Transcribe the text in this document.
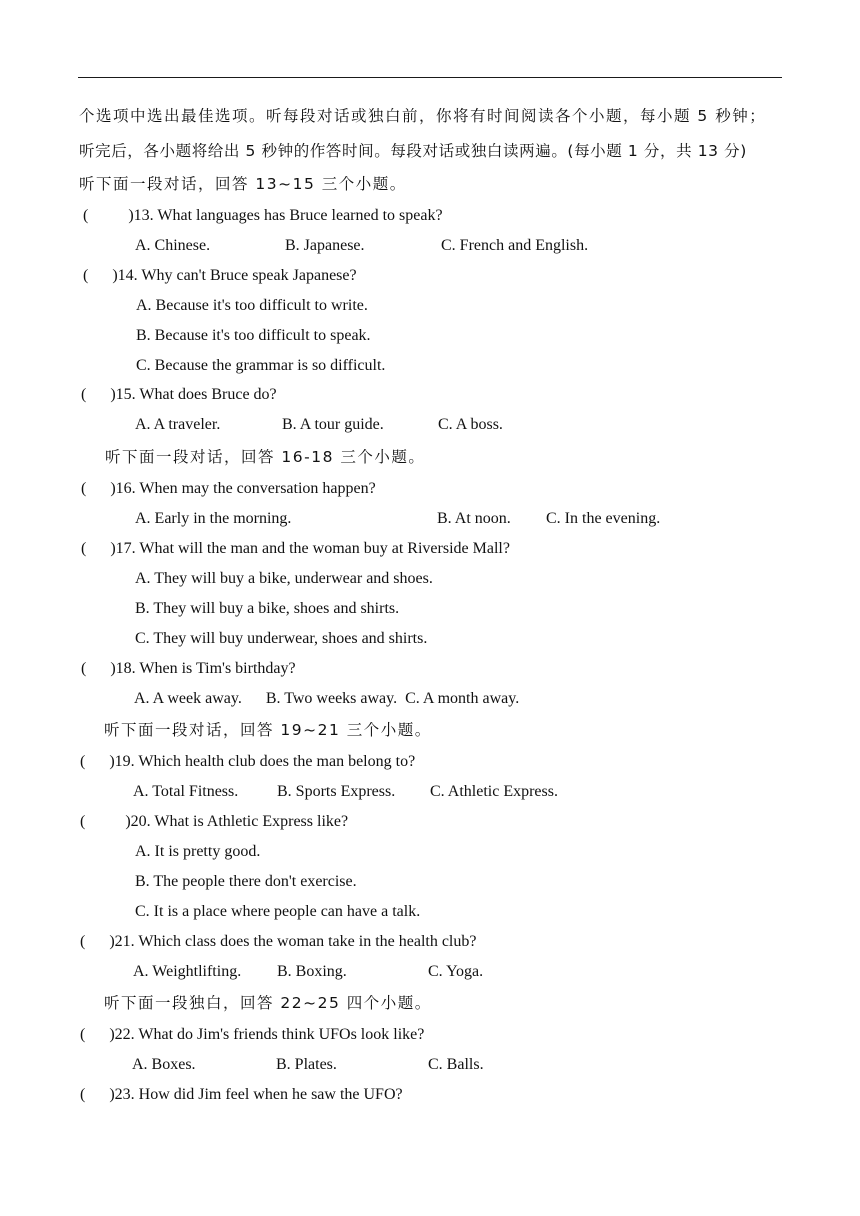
个选项中选出最佳选项。听每段对话或独白前，你将有时间阅读各个小题，每小题 5 秒钟；
听完后，各小题将给出 5 秒钟的作答时间。每段对话或独白读两遍。(每小题 1 分，共 13 分)
听下面一段对话，回答 13~15 三个小题。
(          )13. What languages has Bruce learned to speak?
A. Chinese.	B. Japanese.	C. French and English.
(      )14. Why can't Bruce speak Japanese?
A. Because it's too difficult to write.
B. Because it's too difficult to speak.
C. Because the grammar is so difficult.
(      )15. What does Bruce do?
A. A traveler.	B. A tour guide.	C. A boss.
听下面一段对话，回答 16-18 三个小题。
(      )16. When may the conversation happen?
A. Early in the morning.	B. At noon. C. In the evening.
(      )17. What will the man and the woman buy at Riverside Mall?
A. They will buy a bike, underwear and shoes.
B. They will buy a bike, shoes and shirts.
C. They will buy underwear, shoes and shirts.
(      )18. When is Tim's birthday?
A. A week away.      B. Two weeks away.  C. A month away.
听下面一段对话，回答 19~21 三个小题。
(      )19. Which health club does the man belong to?
A. Total Fitness. B. Sports Express. C. Athletic Express.
(          )20. What is Athletic Express like?
A. It is pretty good.
B. The people there don't exercise.
C. It is a place where people can have a talk.
(      )21. Which class does the woman take in the health club?
A. Weightlifting. B. Boxing.	C. Yoga.
听下面一段独白，回答 22~25 四个小题。
(      )22. What do Jim's friends think UFOs look like?
A. Boxes.	B. Plates.	C. Balls.
(      )23. How did Jim feel when he saw the UFO?
